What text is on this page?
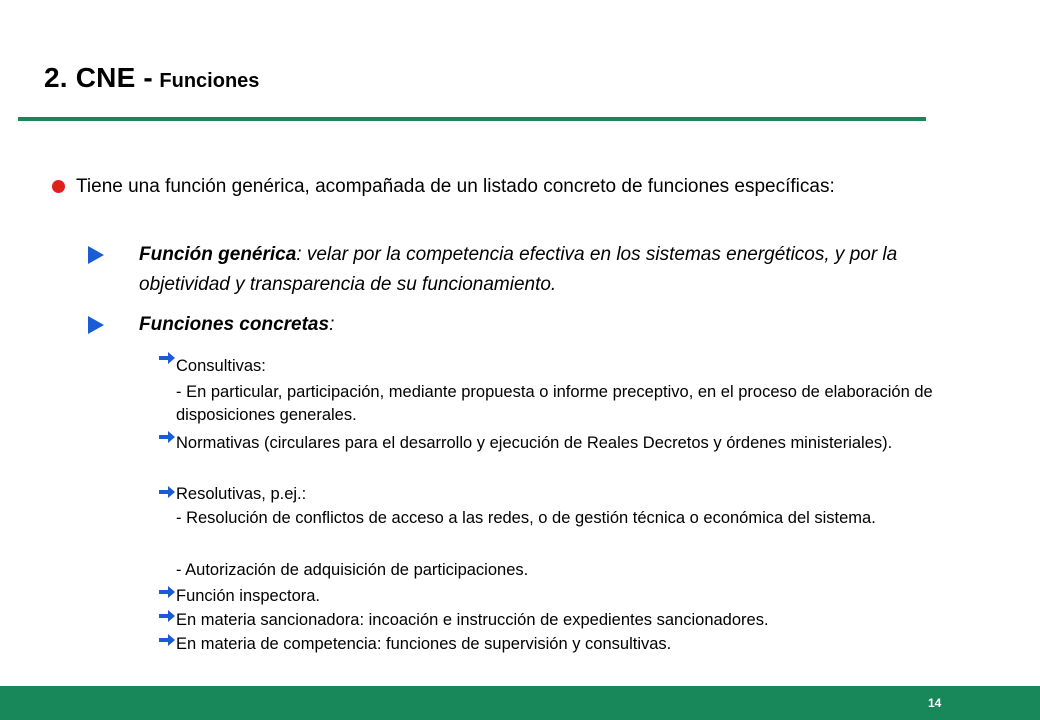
2. CNE - Funciones
Tiene una función genérica, acompañada de un listado concreto de funciones específicas:
Función genérica: velar por la competencia efectiva en los sistemas energéticos, y por la objetividad y transparencia de su funcionamiento.
Funciones concretas:
Consultivas:
- En particular, participación, mediante propuesta o informe preceptivo, en el proceso de elaboración de disposiciones generales.
Normativas (circulares para el desarrollo y ejecución de Reales Decretos y órdenes ministeriales).
Resolutivas, p.ej.:
- Resolución de conflictos de acceso a las redes, o de gestión técnica o económica del sistema.
- Autorización de adquisición de participaciones.
Función inspectora.
En materia sancionadora: incoación e instrucción de expedientes sancionadores.
En materia de competencia: funciones de supervisión y consultivas.
14
